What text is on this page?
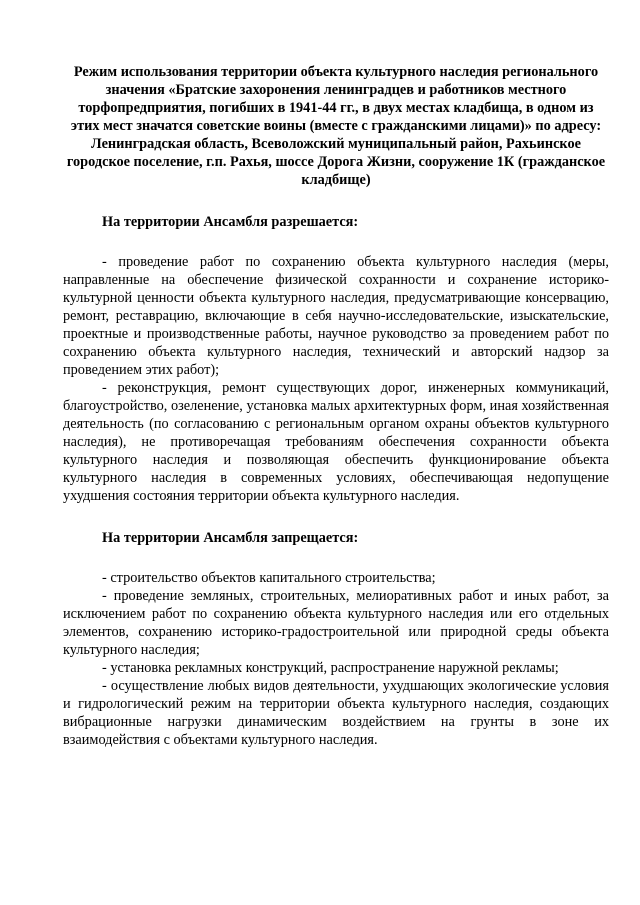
Режим использования территории объекта культурного наследия регионального значения «Братские захоронения ленинградцев и работников местного торфопредприятия, погибших в 1941-44 гг., в двух местах кладбища, в одном из этих мест значатся советские воины (вместе с гражданскими лицами)» по адресу: Ленинградская область, Всеволожский муниципальный район, Рахьинское городское поселение, г.п. Рахья, шоссе Дорога Жизни, сооружение 1К (гражданское кладбище)

На территории Ансамбля разрешается:

- проведение работ по сохранению объекта культурного наследия (меры, направленные на обеспечение физической сохранности и сохранение историко-культурной ценности объекта культурного наследия, предусматривающие консервацию, ремонт, реставрацию, включающие в себя научно-исследовательские, изыскательские, проектные и производственные работы, научное руководство за проведением работ по сохранению объекта культурного наследия, технический и авторский надзор за проведением этих работ);

- реконструкция, ремонт существующих дорог, инженерных коммуникаций, благоустройство, озеленение, установка малых архитектурных форм, иная хозяйственная деятельность (по согласованию с региональным органом охраны объектов культурного наследия), не противоречащая требованиям обеспечения сохранности объекта культурного наследия и позволяющая обеспечить функционирование объекта культурного наследия в современных условиях, обеспечивающая недопущение ухудшения состояния территории объекта культурного наследия.

На территории Ансамбля запрещается:

- строительство объектов капитального строительства;

- проведение земляных, строительных, мелиоративных работ и иных работ, за исключением работ по сохранению объекта культурного наследия или его отдельных элементов, сохранению историко-градостроительной или природной среды объекта культурного наследия;

- установка рекламных конструкций, распространение наружной рекламы;

- осуществление любых видов деятельности, ухудшающих экологические условия и гидрологический режим на территории объекта культурного наследия, создающих вибрационные нагрузки динамическим воздействием на грунты в зоне их взаимодействия с объектами культурного наследия.
